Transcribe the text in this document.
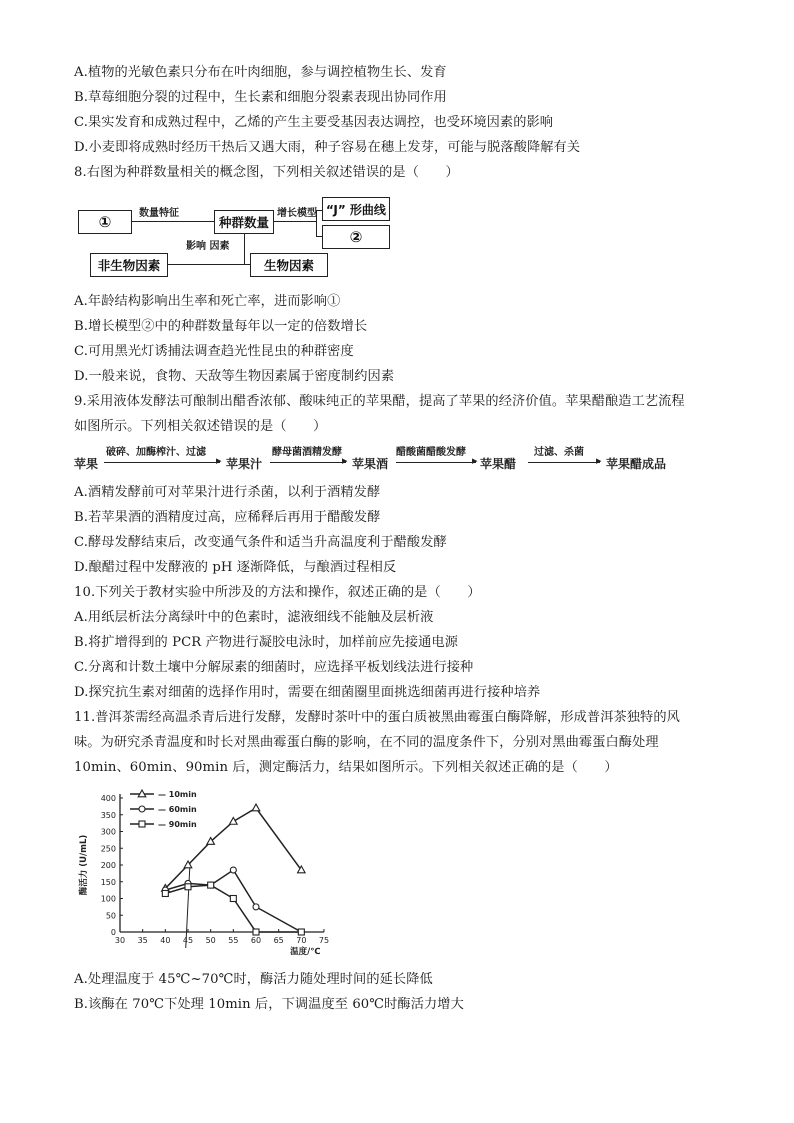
A.植物的光敏色素只分布在叶肉细胞，参与调控植物生长、发育
B.草莓细胞分裂的过程中，生长素和细胞分裂素表现出协同作用
C.果实发育和成熟过程中，乙烯的产生主要受基因表达调控，也受环境因素的影响
D.小麦即将成熟时经历干热后又遇大雨，种子容易在穗上发芽，可能与脱落酸降解有关
8.右图为种群数量相关的概念图，下列相关叙述错误的是（　　）
①	数量特征
种群数量
增长模型 “J” 形曲线
②
影响 因素
非生物因素	生物因素
A.年龄结构影响出生率和死亡率，进而影响①
B.增长模型②中的种群数量每年以一定的倍数增长
C.可用黑光灯诱捕法调查趋光性昆虫的种群密度
D.一般来说，食物、天敌等生物因素属于密度制约因素
9.采用液体发酵法可酿制出醋香浓郁、酸味纯正的苹果醋，提高了苹果的经济价值。苹果醋酿造工艺流程
如图所示。下列相关叙述错误的是（　　）
苹果
破碎、加酶榨汁、过滤
▸ 苹果汁
酵母菌酒精发酵
▸ 苹果酒
醋酸菌醋酸发酵
▸ 苹果醋
过滤、杀菌
▸ 苹果醋成品
A.酒精发酵前可对苹果汁进行杀菌，以利于酒精发酵
B.若苹果酒的酒精度过高，应稀释后再用于醋酸发酵
C.酵母发酵结束后，改变通气条件和适当升高温度利于醋酸发酵
D.酿醋过程中发酵液的 pH 逐渐降低，与酿酒过程相反
10.下列关于教材实验中所涉及的方法和操作，叙述正确的是（　　）
A.用纸层析法分离绿叶中的色素时，滤液细线不能触及层析液
B.将扩增得到的 PCR 产物进行凝胶电泳时，加样前应先接通电源
C.分离和计数土壤中分解尿素的细菌时，应选择平板划线法进行接种
D.探究抗生素对细菌的选择作用时，需要在细菌圈里面挑选细菌再进行接种培养
11.普洱茶需经高温杀青后进行发酵，发酵时茶叶中的蛋白质被黑曲霉蛋白酶降解，形成普洱茶独特的风
味。为研究杀青温度和时长对黑曲霉蛋白酶的影响，在不同的温度条件下，分别对黑曲霉蛋白酶处理
10min、60min、90min 后，测定酶活力，结果如图所示。下列相关叙述正确的是（　　）
30 35 40 45 50 55 60 65 70 75
0
50
100
150
200
250
300
350
400
温度/℃
酶活力 (U/mL)
— 10min
— 60min
— 90min
A.处理温度于 45℃~70℃时，酶活力随处理时间的延长降低
B.该酶在 70℃下处理 10min 后，下调温度至 60℃时酶活力增大
